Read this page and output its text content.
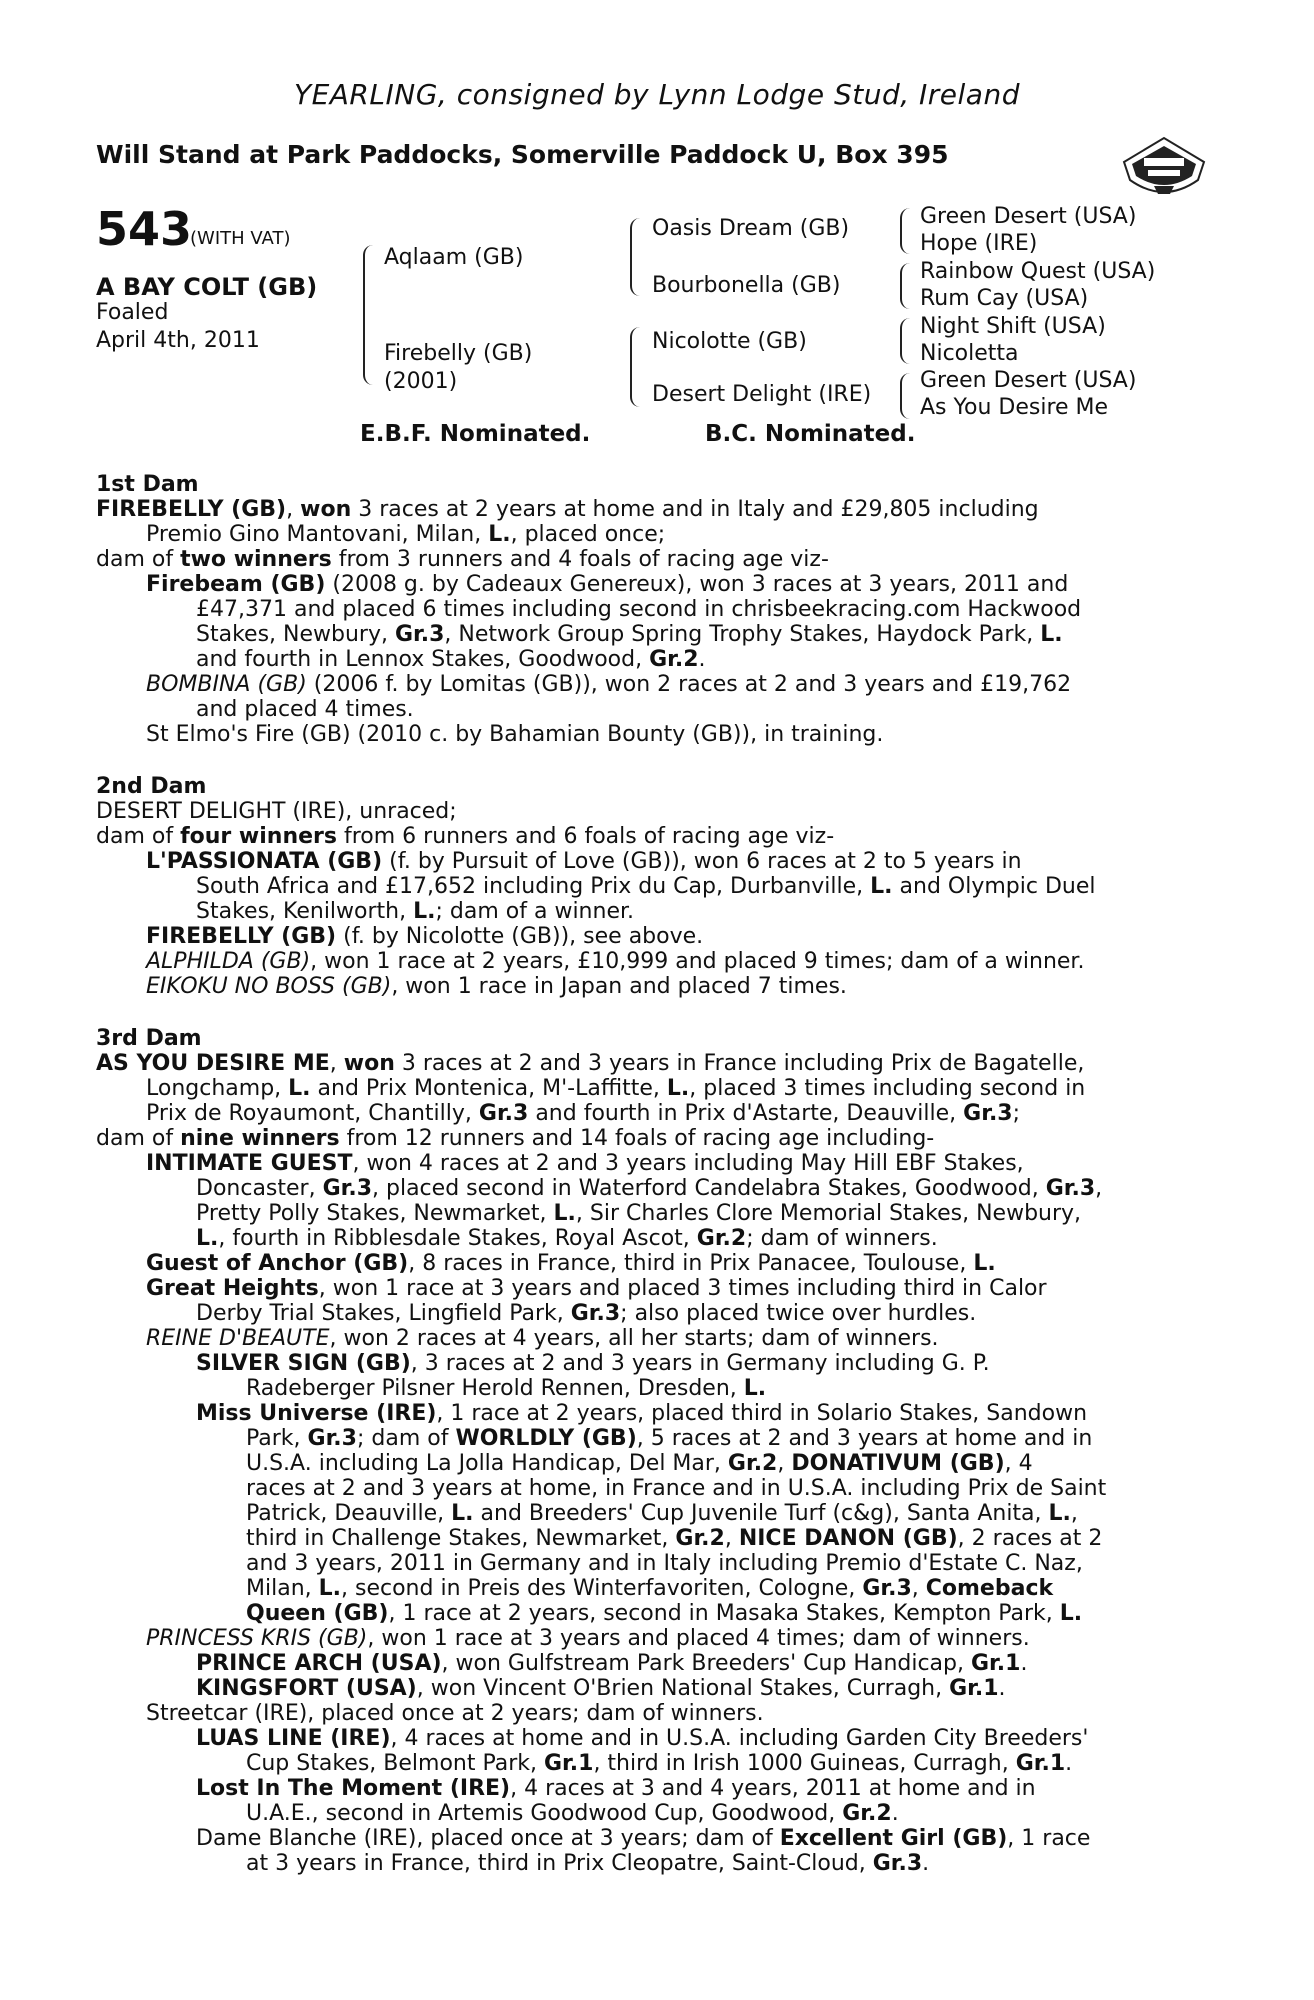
YEARLING, consigned by Lynn Lodge Stud, Ireland
Will Stand at Park Paddocks, Somerville Paddock U, Box 395
543
(WITH VAT)
A BAY COLT (GB)
Foaled
April 4th, 2011
Aqlaam (GB)
Firebelly (GB)
(2001)
Oasis Dream (GB)
Bourbonella (GB)
Nicolotte (GB)
Desert Delight (IRE)
Green Desert (USA)
Hope (IRE)
Rainbow Quest (USA)
Rum Cay (USA)
Night Shift (USA)
Nicoletta
Green Desert (USA)
As You Desire Me
E.B.F. Nominated.	B.C. Nominated.
1st Dam
FIREBELLY (GB), won 3 races at 2 years at home and in Italy and £29,805 including
Premio Gino Mantovani, Milan, L., placed once;
dam of two winners from 3 runners and 4 foals of racing age viz-
Firebeam (GB) (2008 g. by Cadeaux Genereux), won 3 races at 3 years, 2011 and
£47,371 and placed 6 times including second in chrisbeekracing.com Hackwood
Stakes, Newbury, Gr.3, Network Group Spring Trophy Stakes, Haydock Park, L.
and fourth in Lennox Stakes, Goodwood, Gr.2.
BOMBINA (GB) (2006 f. by Lomitas (GB)), won 2 races at 2 and 3 years and £19,762
and placed 4 times.
St Elmo's Fire (GB) (2010 c. by Bahamian Bounty (GB)), in training.
2nd Dam
DESERT DELIGHT (IRE), unraced;
dam of four winners from 6 runners and 6 foals of racing age viz-
L'PASSIONATA (GB) (f. by Pursuit of Love (GB)), won 6 races at 2 to 5 years in
South Africa and £17,652 including Prix du Cap, Durbanville, L. and Olympic Duel
Stakes, Kenilworth, L.; dam of a winner.
FIREBELLY (GB) (f. by Nicolotte (GB)), see above.
ALPHILDA (GB), won 1 race at 2 years, £10,999 and placed 9 times; dam of a winner.
EIKOKU NO BOSS (GB), won 1 race in Japan and placed 7 times.
3rd Dam
AS YOU DESIRE ME, won 3 races at 2 and 3 years in France including Prix de Bagatelle,
Longchamp, L. and Prix Montenica, M'-Laffitte, L., placed 3 times including second in
Prix de Royaumont, Chantilly, Gr.3 and fourth in Prix d'Astarte, Deauville, Gr.3;
dam of nine winners from 12 runners and 14 foals of racing age including-
INTIMATE GUEST, won 4 races at 2 and 3 years including May Hill EBF Stakes,
Doncaster, Gr.3, placed second in Waterford Candelabra Stakes, Goodwood, Gr.3,
Pretty Polly Stakes, Newmarket, L., Sir Charles Clore Memorial Stakes, Newbury,
L., fourth in Ribblesdale Stakes, Royal Ascot, Gr.2; dam of winners.
Guest of Anchor (GB), 8 races in France, third in Prix Panacee, Toulouse, L.
Great Heights, won 1 race at 3 years and placed 3 times including third in Calor
Derby Trial Stakes, Lingfield Park, Gr.3; also placed twice over hurdles.
REINE D'BEAUTE, won 2 races at 4 years, all her starts; dam of winners.
SILVER SIGN (GB), 3 races at 2 and 3 years in Germany including G. P.
Radeberger Pilsner Herold Rennen, Dresden, L.
Miss Universe (IRE), 1 race at 2 years, placed third in Solario Stakes, Sandown
Park, Gr.3; dam of WORLDLY (GB), 5 races at 2 and 3 years at home and in
U.S.A. including La Jolla Handicap, Del Mar, Gr.2, DONATIVUM (GB), 4
races at 2 and 3 years at home, in France and in U.S.A. including Prix de Saint
Patrick, Deauville, L. and Breeders' Cup Juvenile Turf (c&g), Santa Anita, L.,
third in Challenge Stakes, Newmarket, Gr.2, NICE DANON (GB), 2 races at 2
and 3 years, 2011 in Germany and in Italy including Premio d'Estate C. Naz,
Milan, L., second in Preis des Winterfavoriten, Cologne, Gr.3, Comeback
Queen (GB), 1 race at 2 years, second in Masaka Stakes, Kempton Park, L.
PRINCESS KRIS (GB), won 1 race at 3 years and placed 4 times; dam of winners.
PRINCE ARCH (USA), won Gulfstream Park Breeders' Cup Handicap, Gr.1.
KINGSFORT (USA), won Vincent O'Brien National Stakes, Curragh, Gr.1.
Streetcar (IRE), placed once at 2 years; dam of winners.
LUAS LINE (IRE), 4 races at home and in U.S.A. including Garden City Breeders'
Cup Stakes, Belmont Park, Gr.1, third in Irish 1000 Guineas, Curragh, Gr.1.
Lost In The Moment (IRE), 4 races at 3 and 4 years, 2011 at home and in
U.A.E., second in Artemis Goodwood Cup, Goodwood, Gr.2.
Dame Blanche (IRE), placed once at 3 years; dam of Excellent Girl (GB), 1 race
at 3 years in France, third in Prix Cleopatre, Saint-Cloud, Gr.3.
